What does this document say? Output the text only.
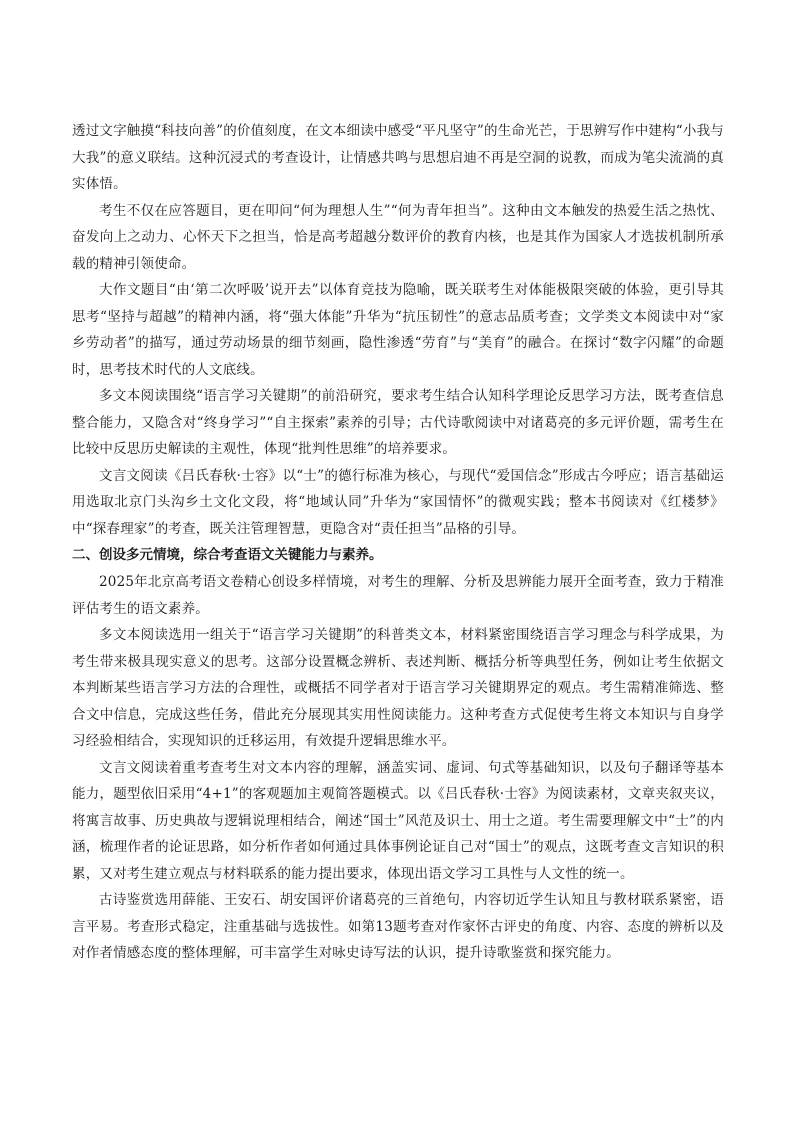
透过文字触摸“科技向善”的价值刻度，在文本细读中感受“平凡坚守”的生命光芒，于思辨写作中建构“小我与大我”的意义联结。这种沉浸式的考查设计，让情感共鸣与思想启迪不再是空洞的说教，而成为笔尖流淌的真实体悟。

考生不仅在应答题目，更在叩问“何为理想人生”“何为青年担当”。这种由文本触发的热爱生活之热忱、奋发向上之动力、心怀天下之担当，恰是高考超越分数评价的教育内核，也是其作为国家人才选拔机制所承载的精神引领使命。

大作文题目“由‘第二次呼吸’说开去”以体育竞技为隐喻，既关联考生对体能极限突破的体验，更引导其思考“坚持与超越”的精神内涵，将“强大体能”升华为“抗压韧性”的意志品质考查；文学类文本阅读中对“家乡劳动者”的描写，通过劳动场景的细节刻画，隐性渗透“劳育”与“美育”的融合。在探讨“数字闪耀”的命题时，思考技术时代的人文底线。

多文本阅读围绕“语言学习关键期”的前沿研究，要求考生结合认知科学理论反思学习方法，既考查信息整合能力，又隐含对“终身学习”“自主探索”素养的引导；古代诗歌阅读中对诸葛亮的多元评价题，需考生在比较中反思历史解读的主观性，体现“批判性思维”的培养要求。

文言文阅读《吕氏春秋·士容》以“士”的德行标准为核心，与现代“爱国信念”形成古今呼应；语言基础运用选取北京门头沟乡土文化文段，将“地域认同”升华为“家国情怀”的微观实践；整本书阅读对《红楼梦》中“探春理家”的考查，既关注管理智慧，更隐含对“责任担当”品格的引导。

二、创设多元情境，综合考查语文关键能力与素养。

2025年北京高考语文卷精心创设多样情境，对考生的理解、分析及思辨能力展开全面考查，致力于精准评估考生的语文素养。

多文本阅读选用一组关于“语言学习关键期”的科普类文本，材料紧密围绕语言学习理念与科学成果，为考生带来极具现实意义的思考。这部分设置概念辨析、表述判断、概括分析等典型任务，例如让考生依据文本判断某些语言学习方法的合理性，或概括不同学者对于语言学习关键期界定的观点。考生需精准筛选、整合文中信息，完成这些任务，借此充分展现其实用性阅读能力。这种考查方式促使考生将文本知识与自身学习经验相结合，实现知识的迁移运用，有效提升逻辑思维水平。

文言文阅读着重考查考生对文本内容的理解，涵盖实词、虚词、句式等基础知识，以及句子翻译等基本能力，题型依旧采用“4+1”的客观题加主观简答题模式。以《吕氏春秋·士容》为阅读素材，文章夹叙夹议，将寓言故事、历史典故与逻辑说理相结合，阐述“国士”风范及识士、用士之道。考生需要理解文中“士”的内涵，梳理作者的论证思路，如分析作者如何通过具体事例论证自己对“国士”的观点，这既考查文言知识的积累，又对考生建立观点与材料联系的能力提出要求，体现出语文学习工具性与人文性的统一。

古诗鉴赏选用薛能、王安石、胡安国评价诸葛亮的三首绝句，内容切近学生认知且与教材联系紧密，语言平易。考查形式稳定，注重基础与选拔性。如第13题考查对作家怀古评史的角度、内容、态度的辨析以及对作者情感态度的整体理解，可丰富学生对咏史诗写法的认识，提升诗歌鉴赏和探究能力。
